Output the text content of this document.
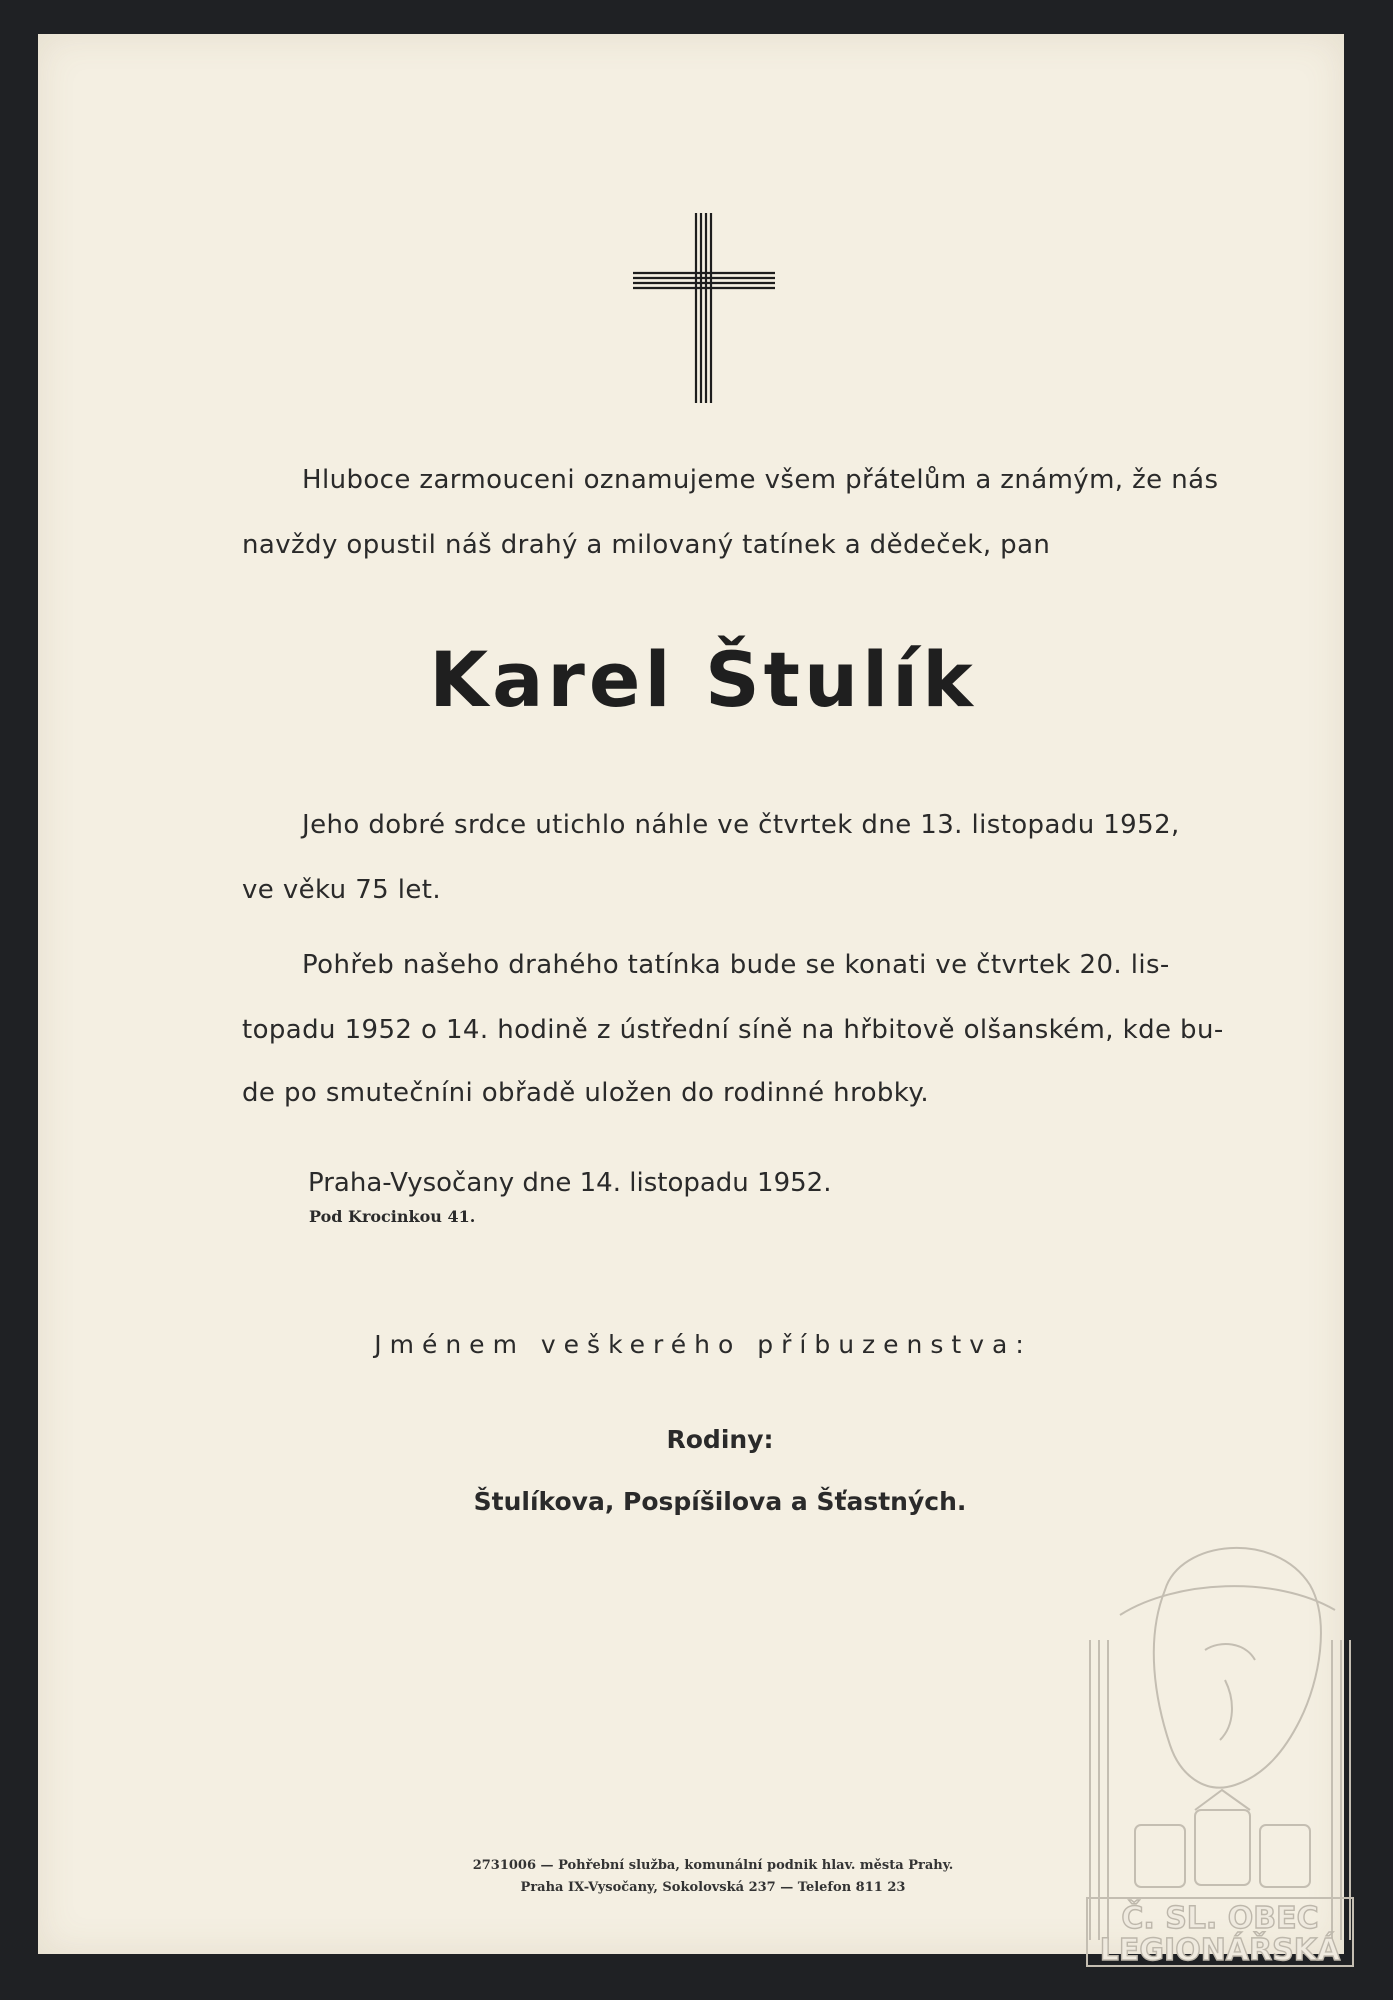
Hluboce zarmouceni oznamujeme všem přátelům a známým, že nás
navždy opustil náš drahý a milovaný tatínek a dědeček, pan
Karel Štulík
Jeho dobré srdce utichlo náhle ve čtvrtek dne 13. listopadu 1952,
ve věku 75 let.
Pohřeb našeho drahého tatínka bude se konati ve čtvrtek 20. lis-
topadu 1952 o 14. hodině z ústřední síně na hřbitově olšanském, kde bu-
de po smutečníni obřadě uložen do rodinné hrobky.
Praha-Vysočany dne 14. listopadu 1952.
Pod Krocinkou 41.
Jménem veškerého příbuzenstva:
Rodiny:
Štulíkova, Pospíšilova a Šťastných.
2731006 — Pohřební služba, komunální podnik hlav. města Prahy.
Praha IX-Vysočany, Sokolovská 237 — Telefon 811 23
Č. SL. OBEC
LEGIONÁŘSKÁ
